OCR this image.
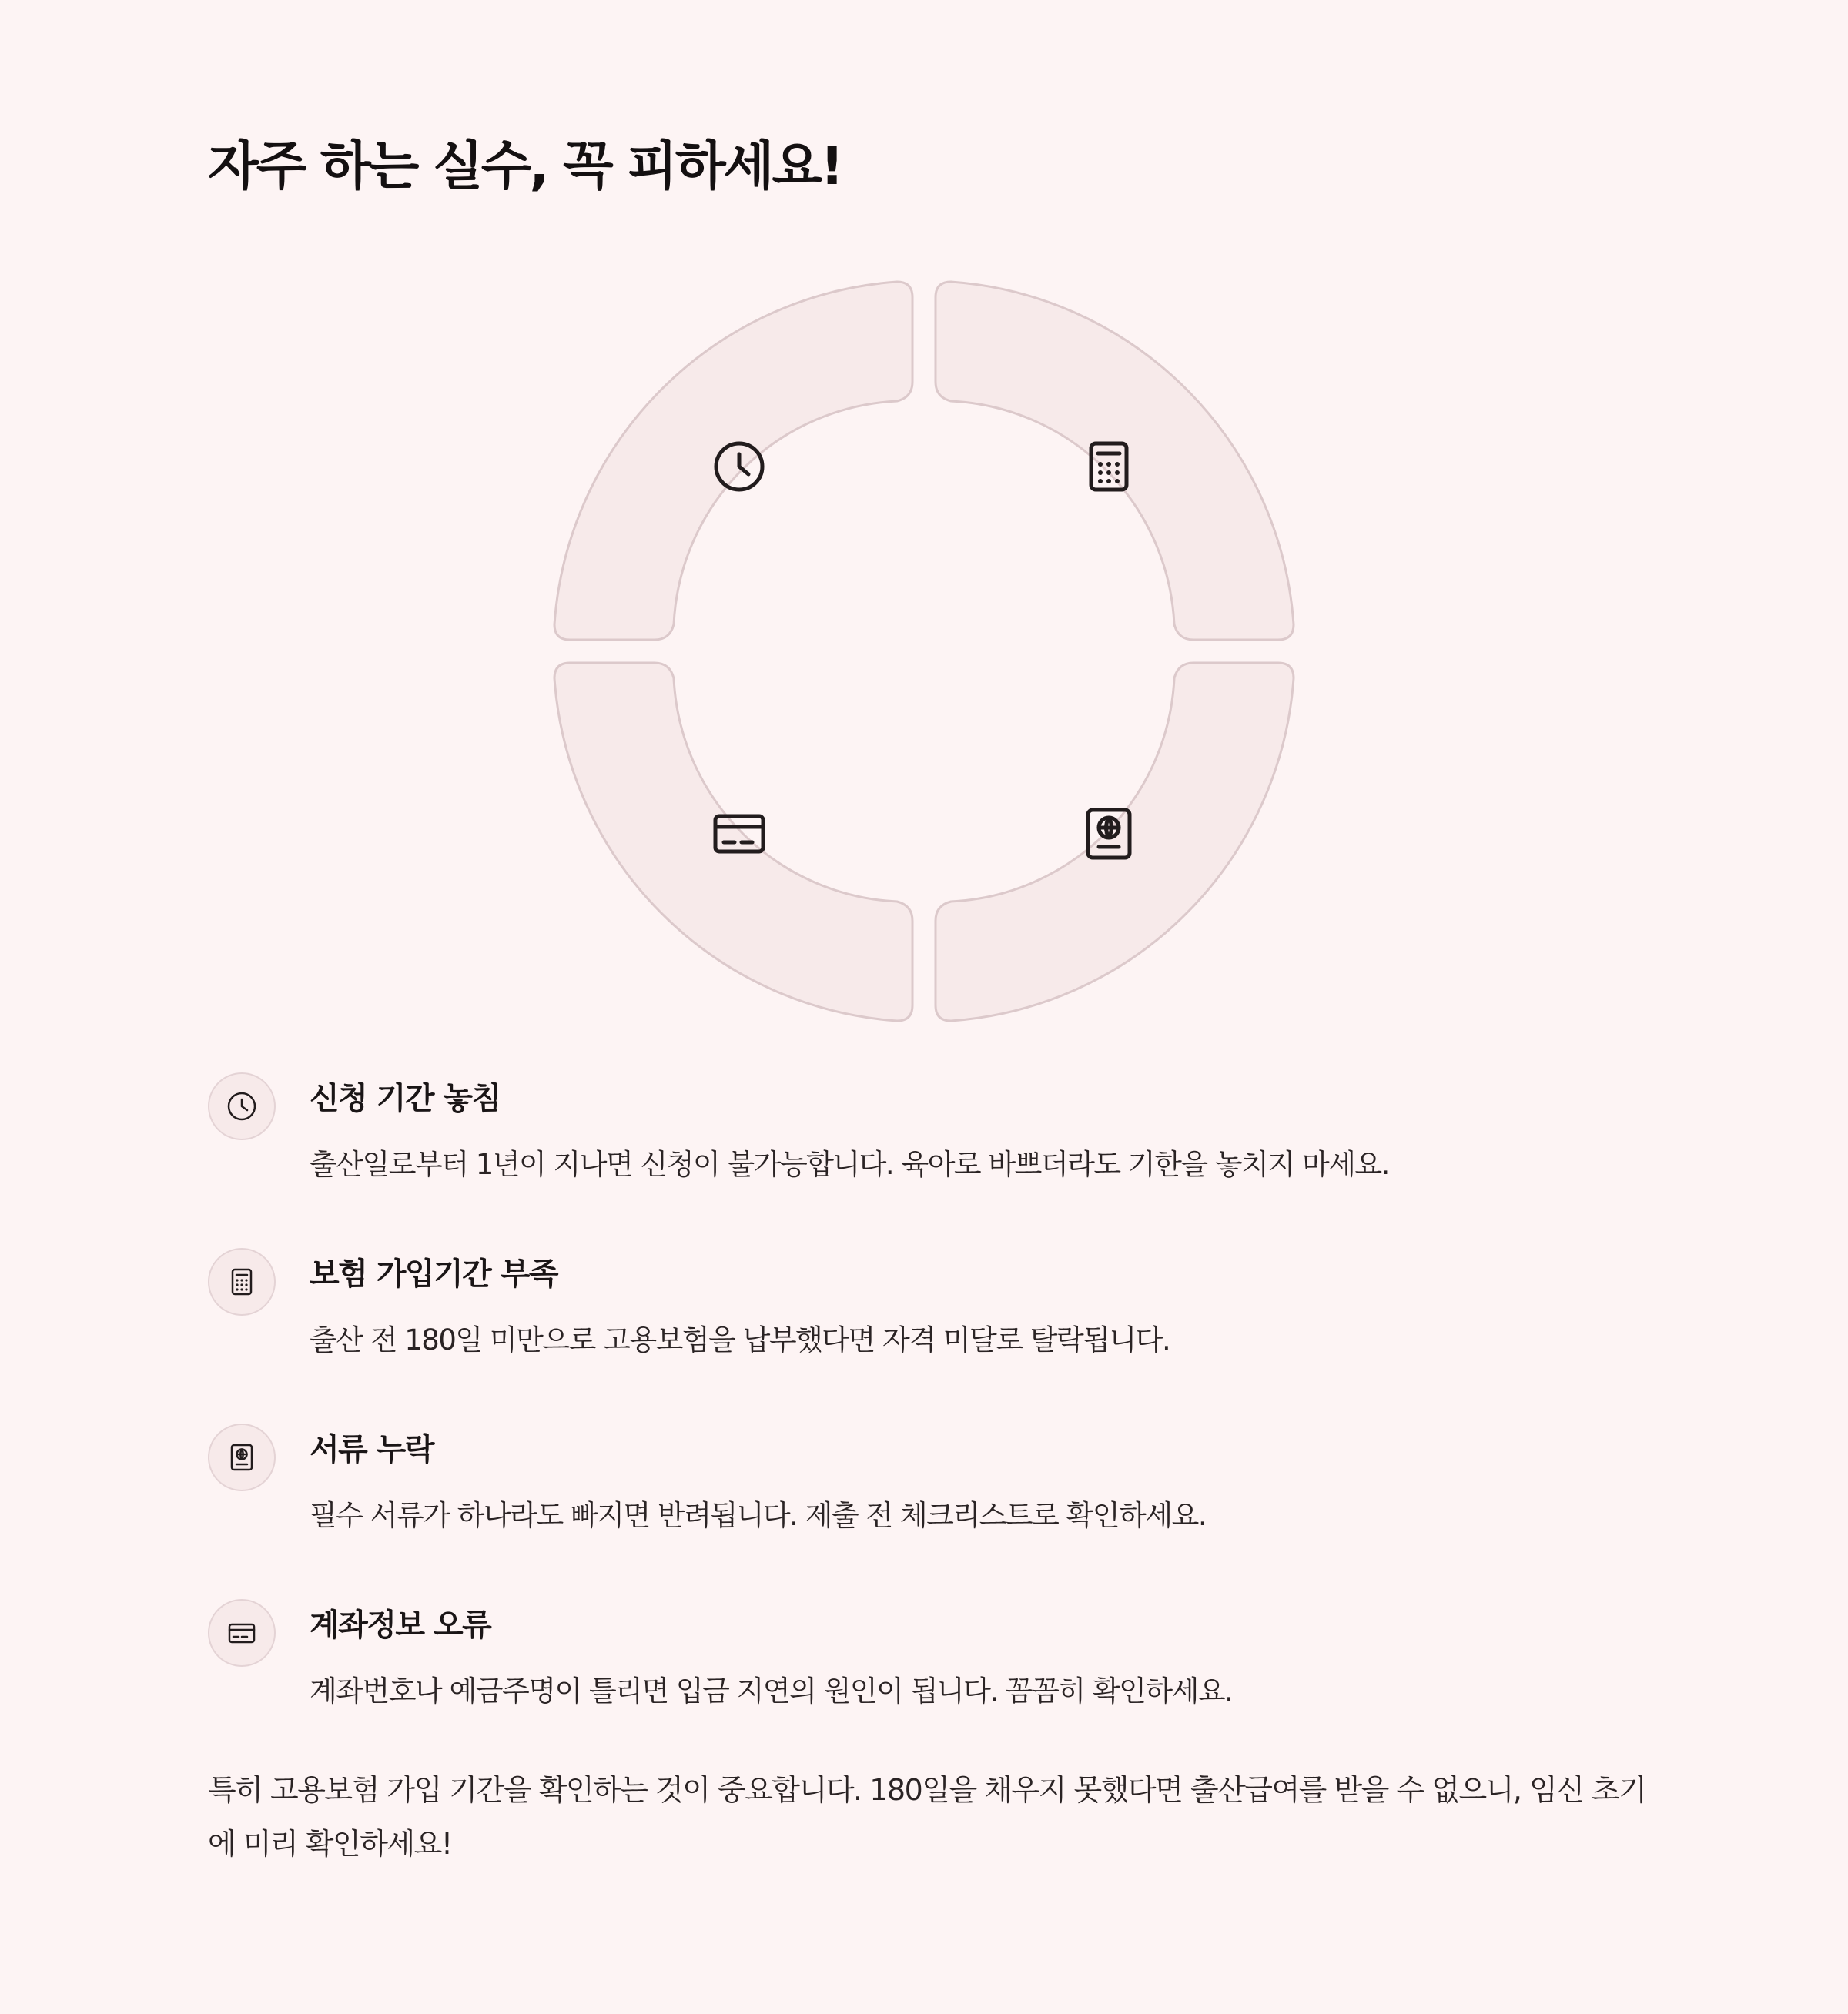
자주 하는 실수, 꼭 피하세요!
신청 기간 놓침
출산일로부터 1년이 지나면 신청이 불가능합니다. 육아로 바쁘더라도 기한을 놓치지 마세요.
보험 가입기간 부족
출산 전 180일 미만으로 고용보험을 납부했다면 자격 미달로 탈락됩니다.
서류 누락
필수 서류가 하나라도 빠지면 반려됩니다. 제출 전 체크리스트로 확인하세요.
계좌정보 오류
계좌번호나 예금주명이 틀리면 입금 지연의 원인이 됩니다. 꼼꼼히 확인하세요.

특히 고용보험 가입 기간을 확인하는 것이 중요합니다. 180일을 채우지 못했다면 출산급여를 받을 수 없으니, 임신 초기에 미리 확인하세요!
